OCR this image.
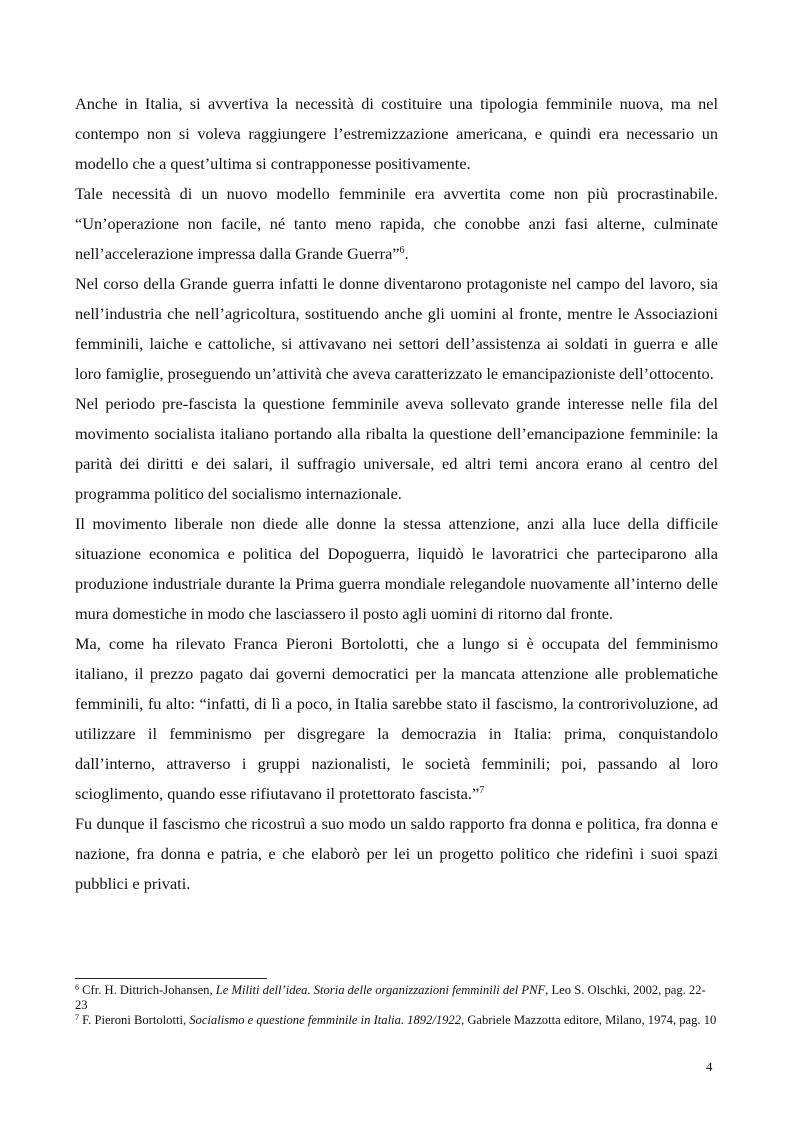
Anche in Italia, si avvertiva la necessità di costituire una tipologia femminile nuova, ma nel contempo non si voleva raggiungere l’estremizzazione americana, e quindi era necessario un modello che a quest’ultima si contrapponesse positivamente.

Tale necessità di un nuovo modello femminile era avvertita come non più procrastinabile. “Un’operazione non facile, né tanto meno rapida, che conobbe anzi fasi alterne, culminate nell’accelerazione impressa dalla Grande Guerra”$^6$.

Nel corso della Grande guerra infatti le donne diventarono protagoniste nel campo del lavoro, sia nell’industria che nell’agricoltura, sostituendo anche gli uomini al fronte, mentre le Associazioni femminili, laiche e cattoliche, si attivavano nei settori dell’assistenza ai soldati in guerra e alle loro famiglie, proseguendo un’attività che aveva caratterizzato le emancipazioniste dell’ottocento.

Nel periodo pre-fascista la questione femminile aveva sollevato grande interesse nelle fila del movimento socialista italiano portando alla ribalta la questione dell’emancipazione femminile: la parità dei diritti e dei salari, il suffragio universale, ed altri temi ancora erano al centro del programma politico del socialismo internazionale.

Il movimento liberale non diede alle donne la stessa attenzione, anzi alla luce della difficile situazione economica e politica del Dopoguerra, liquidò le lavoratrici che parteciparono alla produzione industriale durante la Prima guerra mondiale relegandole nuovamente all’interno delle mura domestiche in modo che lasciassero il posto agli uomini di ritorno dal fronte.

Ma, come ha rilevato Franca Pieroni Bortolotti, che a lungo si è occupata del femminismo italiano, il prezzo pagato dai governi democratici per la mancata attenzione alle problematiche femminili, fu alto: “infatti, di lì a poco, in Italia sarebbe stato il fascismo, la controrivoluzione, ad utilizzare il femminismo per disgregare la democrazia in Italia: prima, conquistandolo dall’interno, attraverso i gruppi nazionalisti, le società femminili; poi, passando al loro scioglimento, quando esse rifiutavano il protettorato fascista.”$^7$

Fu dunque il fascismo che ricostruì a suo modo un saldo rapporto fra donna e politica, fra donna e nazione, fra donna e patria, e che elaborò per lei un progetto politico che ridefinì i suoi spazi pubblici e privati.

$^6$ Cfr. H. Dittrich-Johansen, Le Militi dell’idea. Storia delle organizzazioni femminili del PNF, Leo S. Olschki, 2002, pag. 22-23

$^7$ F. Pieroni Bortolotti, Socialismo e questione femminile in Italia. 1892/1922, Gabriele Mazzotta editore, Milano, 1974, pag. 10

4
